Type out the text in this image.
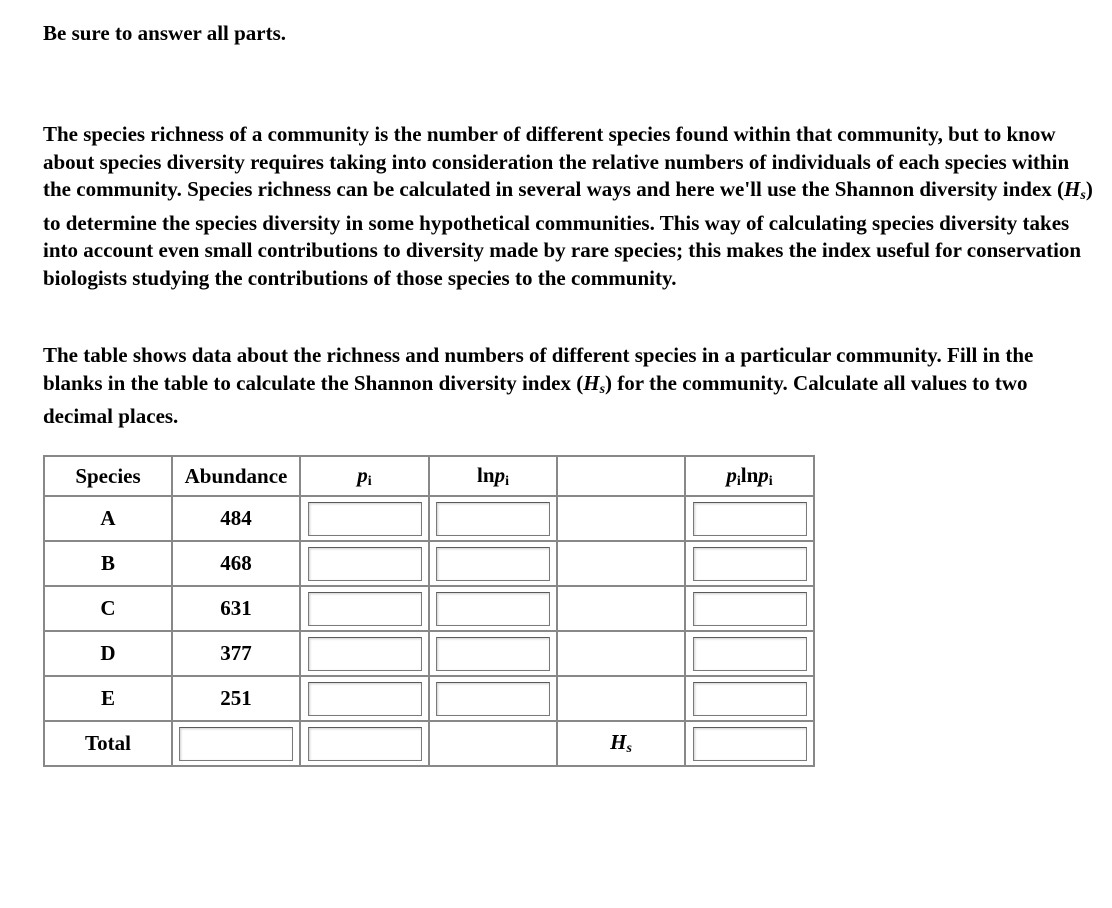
Be sure to answer all parts.

The species richness of a community is the number of different species found within that community, but to know about species diversity requires taking into consideration the relative numbers of individuals of each species within the community. Species richness can be calculated in several ways and here we'll use the Shannon diversity index $(H_s)$ to determine the species diversity in some hypothetical communities. This way of calculating species diversity takes into account even small contributions to diversity made by rare species; this makes the index useful for conservation biologists studying the contributions of those species to the community.

The table shows data about the richness and numbers of different species in a particular community. Fill in the blanks in the table to calculate the Shannon diversity index $(H_s)$ for the community. Calculate all values to two decimal places.

Species	Abundance	$p_i$	lnp$_i$		$p_i\ln p_i$
A	484	

B	468	

C	631	

D	377	

E	251	

Total				$H_s$	
